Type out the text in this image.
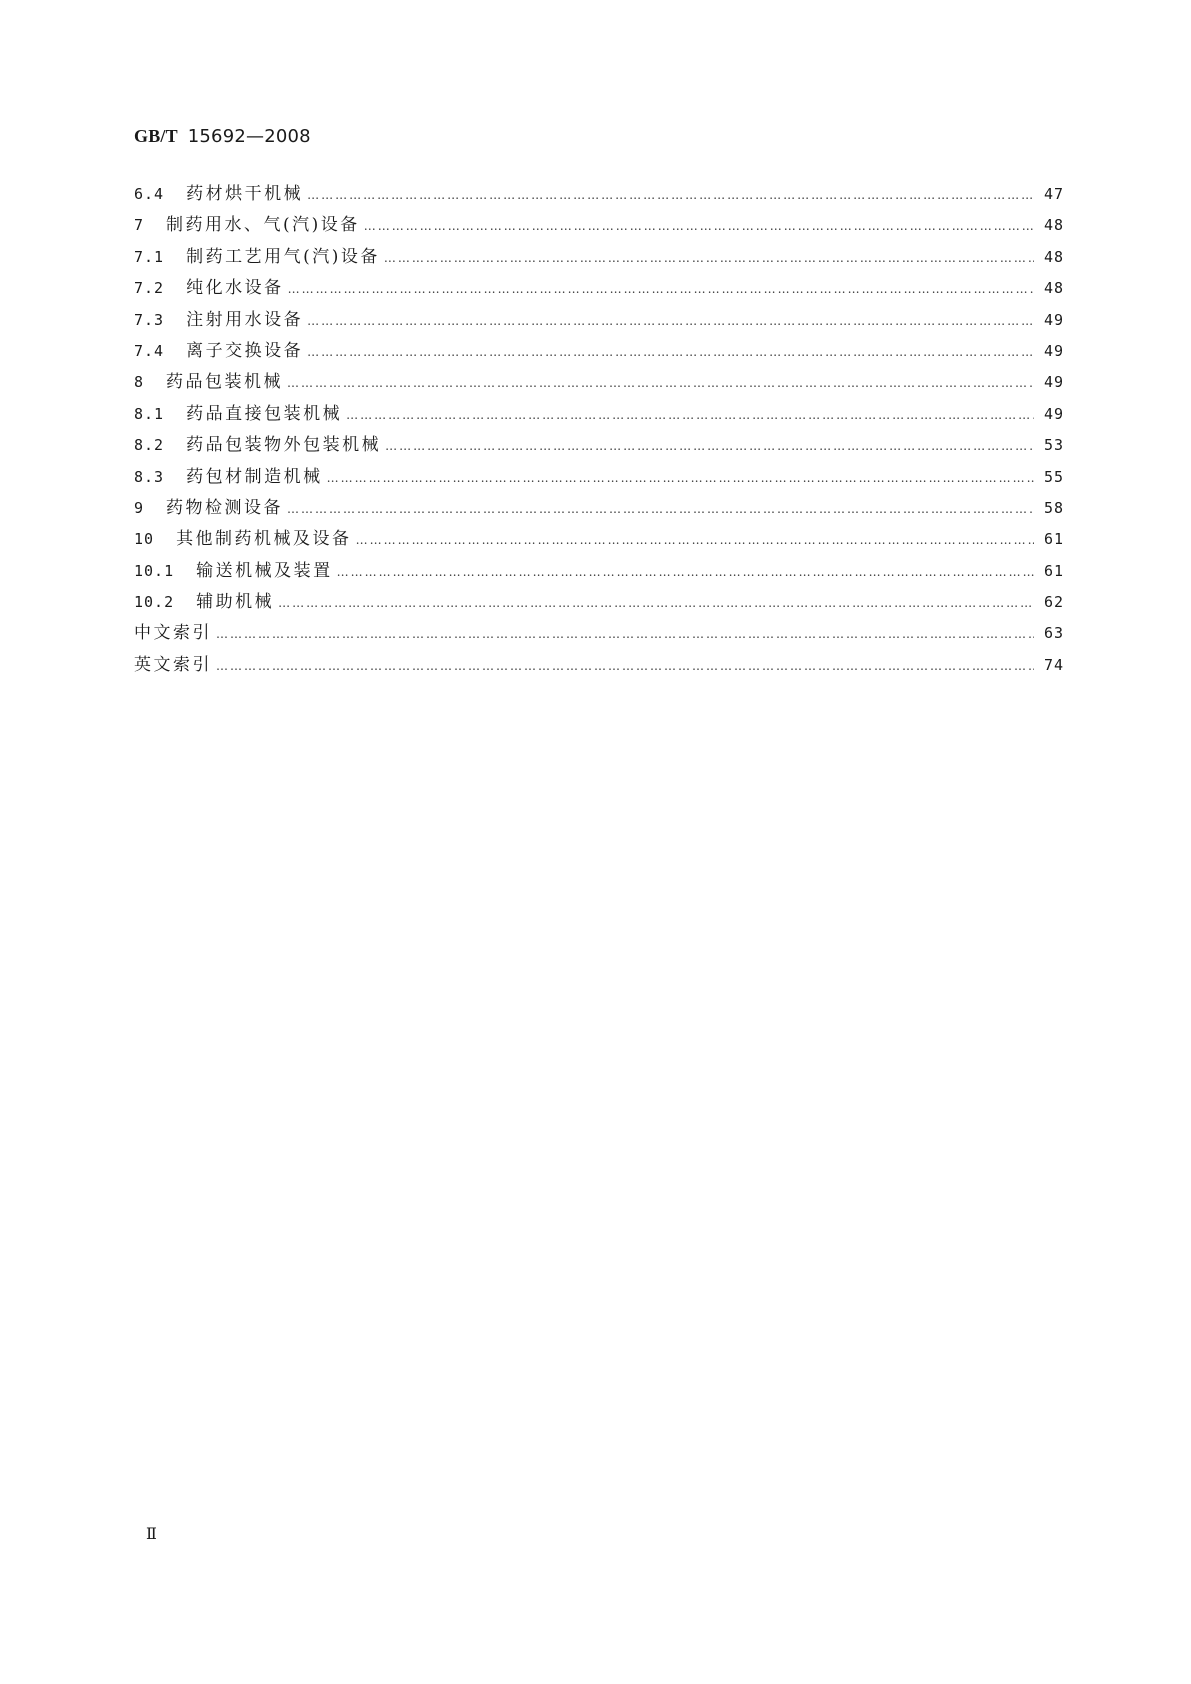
GB/T 15692—2008
6.4 药材烘干机械 …………………………………………………………………………………………………………………………………………………………………………………………………………………………………………………………………………………………………	47
7 制药用水、气(汽)设备 …………………………………………………………………………………………………………………………………………………………………………………………………………………………………………………………………………………………………	48
7.1 制药工艺用气(汽)设备 …………………………………………………………………………………………………………………………………………………………………………………………………………………………………………………………………………………………………	48
7.2 纯化水设备 …………………………………………………………………………………………………………………………………………………………………………………………………………………………………………………………………………………………………	48
7.3 注射用水设备 …………………………………………………………………………………………………………………………………………………………………………………………………………………………………………………………………………………………………	49
7.4 离子交换设备 …………………………………………………………………………………………………………………………………………………………………………………………………………………………………………………………………………………………………	49
8 药品包装机械 …………………………………………………………………………………………………………………………………………………………………………………………………………………………………………………………………………………………………	49
8.1 药品直接包装机械 …………………………………………………………………………………………………………………………………………………………………………………………………………………………………………………………………………………………………	49
8.2 药品包装物外包装机械 …………………………………………………………………………………………………………………………………………………………………………………………………………………………………………………………………………………………………	53
8.3 药包材制造机械 …………………………………………………………………………………………………………………………………………………………………………………………………………………………………………………………………………………………………	55
9 药物检测设备 …………………………………………………………………………………………………………………………………………………………………………………………………………………………………………………………………………………………………	58
10 其他制药机械及设备 …………………………………………………………………………………………………………………………………………………………………………………………………………………………………………………………………………………………………	61
10.1 输送机械及装置 …………………………………………………………………………………………………………………………………………………………………………………………………………………………………………………………………………………………………	61
10.2 辅助机械 …………………………………………………………………………………………………………………………………………………………………………………………………………………………………………………………………………………………………	62
中文索引 …………………………………………………………………………………………………………………………………………………………………………………………………………………………………………………………………………………………………	63
英文索引 …………………………………………………………………………………………………………………………………………………………………………………………………………………………………………………………………………………………………	74
Ⅱ
